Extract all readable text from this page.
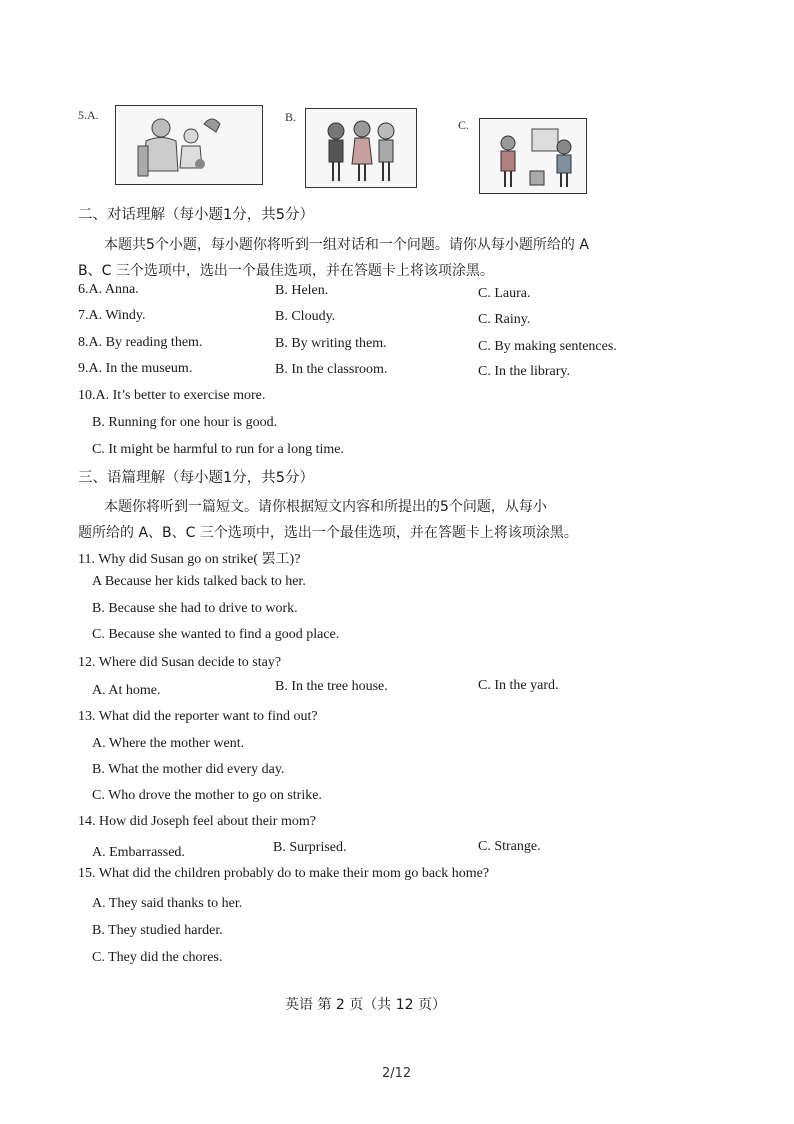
5.A.	B.
C.
二、对话理解（每小题1分，共5分）
本题共5个小题，每小题你将听到一组对话和一个问题。请你从每小题所给的 A
B、C 三个选项中，选出一个最佳选项，并在答题卡上将该项涂黑。
6.A. Anna.	B. Helen.	C. Laura.
7.A. Windy.	B. Cloudy.	C. Rainy.
8.A. By reading them.	B. By writing them.	C. By making sentences.
9.A. In the museum.	B. In the classroom.	C. In the library.
10.A. It’s better to exercise more.
B. Running for one hour is good.
C. It might be harmful to run for a long time.
三、语篇理解（每小题1分，共5分）
本题你将听到一篇短文。请你根据短文内容和所提出的5个问题，从每小
题所给的 A、B、C 三个选项中，选出一个最佳选项，并在答题卡上将该项涂黑。
11. Why did Susan go on strike( 罢工)?
A Because her kids talked back to her.
B. Because she had to drive to work.
C. Because she wanted to find a good place.
12. Where did Susan decide to stay?
A. At home.	B. In the tree house.	C. In the yard.
13. What did the reporter want to find out?
A. Where the mother went.
B. What the mother did every day.
C. Who drove the mother to go on strike.
14. How did Joseph feel about their mom?
A. Embarrassed.	B. Surprised.	C. Strange.
15. What did the children probably do to make their mom go back home?
A. They said thanks to her.
B. They studied harder.
C. They did the chores.
英语 第 2 页（共 12 页）
2/12
